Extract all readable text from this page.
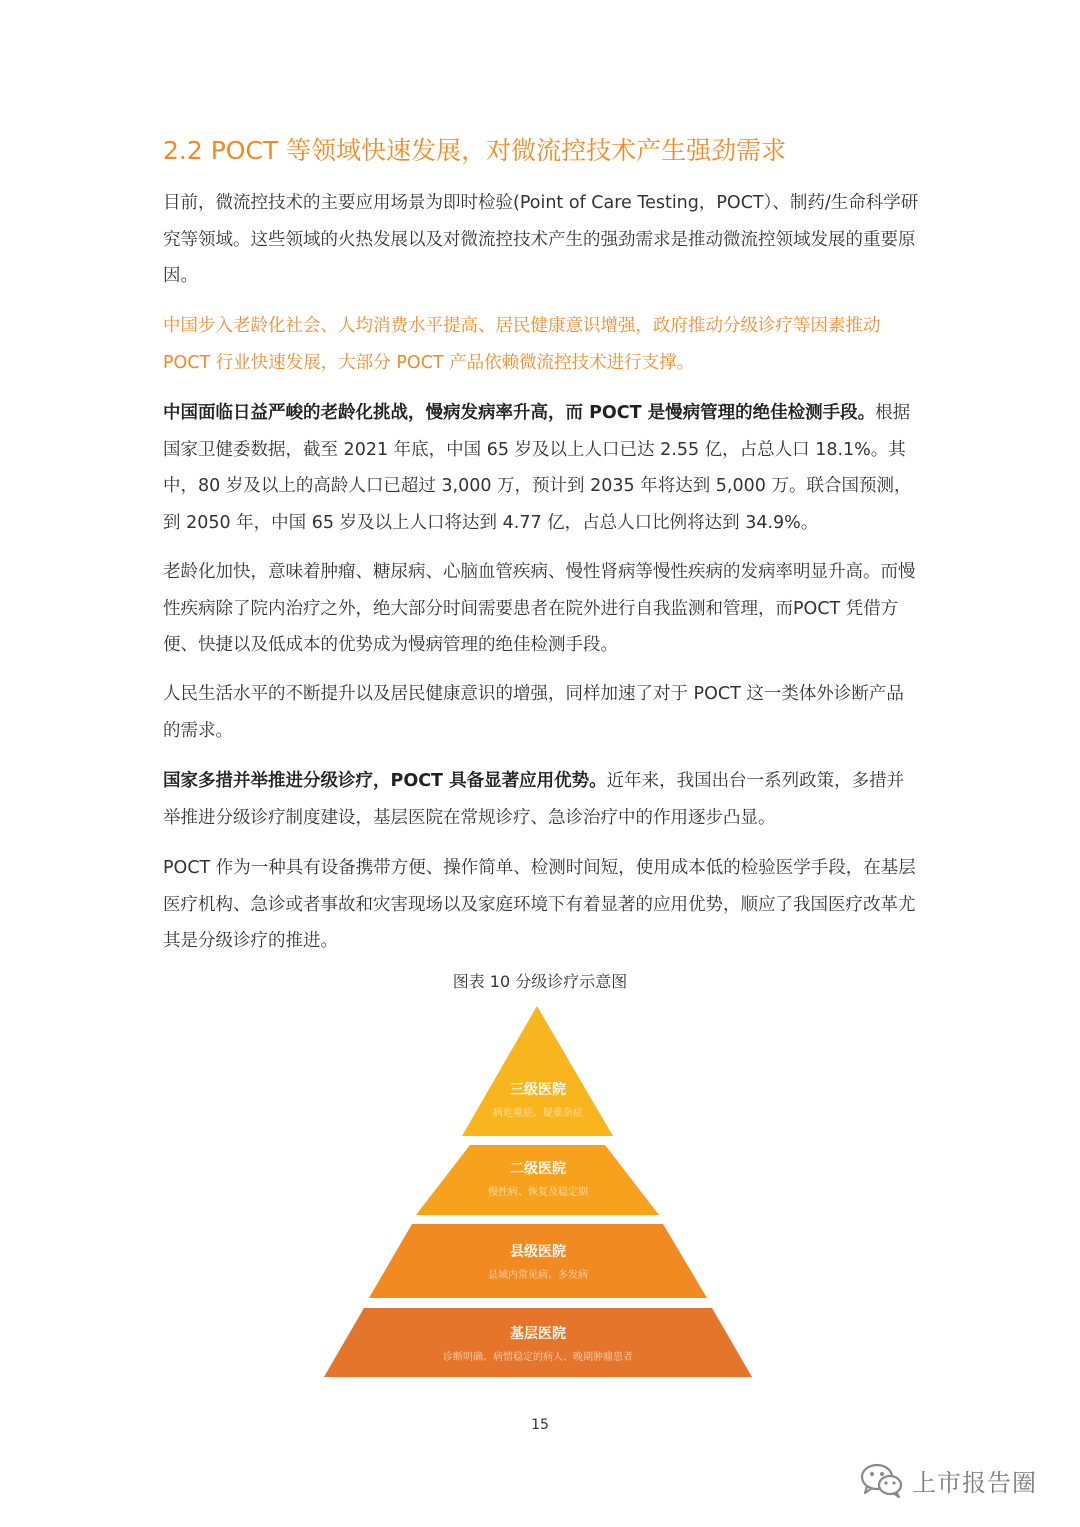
2.2 POCT 等领域快速发展，对微流控技术产生强劲需求

目前，微流控技术的主要应用场景为即时检验(Point of Care Testing，POCT）、制药/生命科学研究等领域。这些领域的火热发展以及对微流控技术产生的强劲需求是推动微流控领域发展的重要原因。

中国步入老龄化社会、人均消费水平提高、居民健康意识增强，政府推动分级诊疗等因素推动 POCT 行业快速发展，大部分 POCT 产品依赖微流控技术进行支撑。

中国面临日益严峻的老龄化挑战，慢病发病率升高，而 POCT 是慢病管理的绝佳检测手段。根据国家卫健委数据，截至 2021 年底，中国 65 岁及以上人口已达 2.55 亿，占总人口 18.1%。其中，80 岁及以上的高龄人口已超过 3,000 万，预计到 2035 年将达到 5,000 万。联合国预测，到 2050 年，中国 65 岁及以上人口将达到 4.77 亿，占总人口比例将达到 34.9%。

老龄化加快，意味着肿瘤、糖尿病、心脑血管疾病、慢性肾病等慢性疾病的发病率明显升高。而慢性疾病除了院内治疗之外，绝大部分时间需要患者在院外进行自我监测和管理，而POCT 凭借方便、快捷以及低成本的优势成为慢病管理的绝佳检测手段。

人民生活水平的不断提升以及居民健康意识的增强，同样加速了对于 POCT 这一类体外诊断产品的需求。

国家多措并举推进分级诊疗，POCT 具备显著应用优势。近年来，我国出台一系列政策，多措并举推进分级诊疗制度建设，基层医院在常规诊疗、急诊治疗中的作用逐步凸显。

POCT 作为一种具有设备携带方便、操作简单、检测时间短，使用成本低的检验医学手段，在基层医疗机构、急诊或者事故和灾害现场以及家庭环境下有着显著的应用优势，顺应了我国医疗改革尤其是分级诊疗的推进。

图表 10 分级诊疗示意图
三级医院
病危重症、疑难杂症
二级医院
慢性病、恢复及稳定期
县级医院
县域内常见病、多发病
基层医院
诊断明确、病情稳定的病人、晚期肿瘤患者
15
上市报告圈
